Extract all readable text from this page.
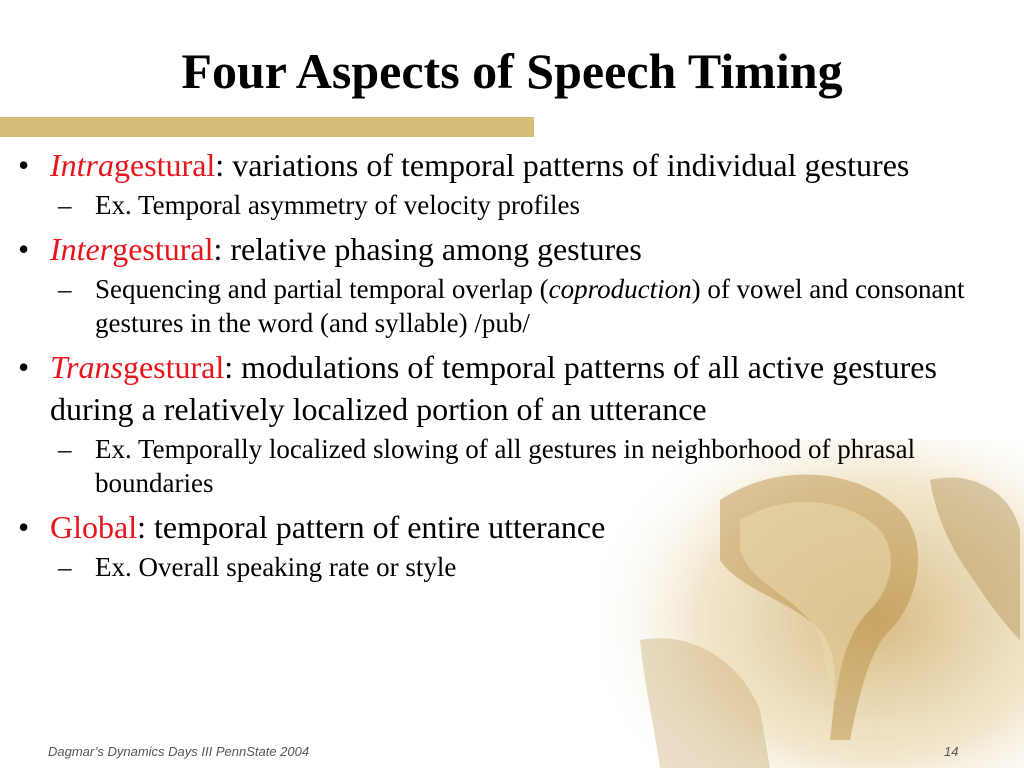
Four Aspects of Speech Timing
• Intragestural: variations of temporal patterns of individual gestures
– Ex. Temporal asymmetry of velocity profiles
• Intergestural: relative phasing among gestures
– Sequencing and partial temporal overlap (coproduction) of vowel and consonant gestures in the word (and syllable) /pub/
• Transgestural: modulations of temporal patterns of all active gestures during a relatively localized portion of an utterance
– Ex. Temporally localized slowing of all gestures in neighborhood of phrasal boundaries
• Global: temporal pattern of entire utterance
– Ex. Overall speaking rate or style
Dagmar’s Dynamics Days III PennState 2004	14
